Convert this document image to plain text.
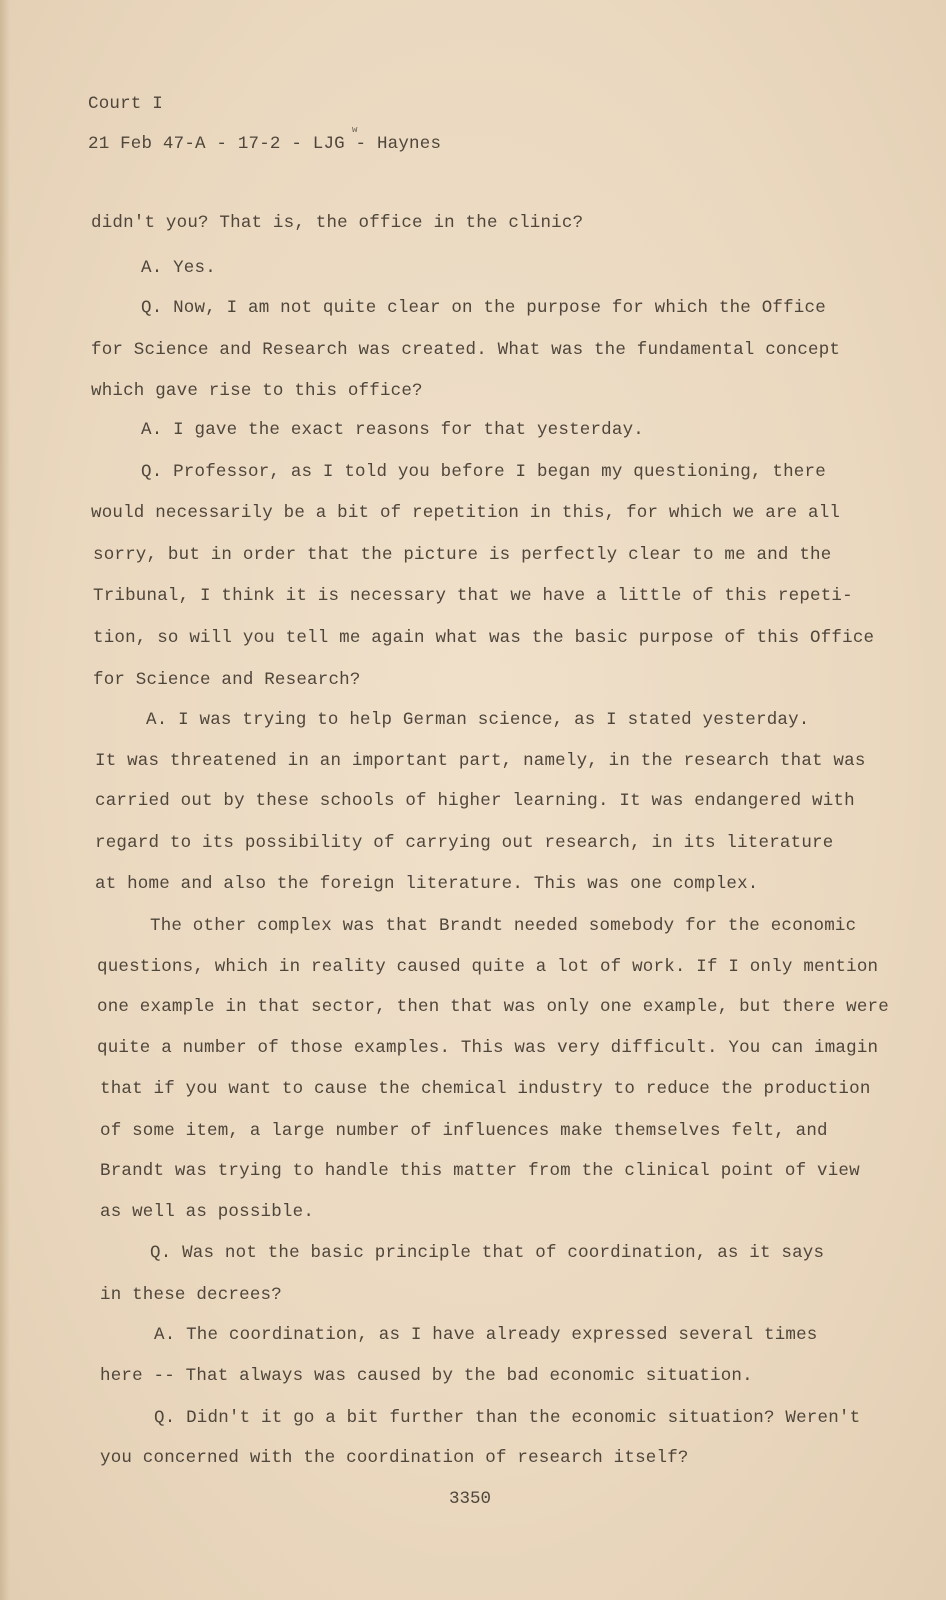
Court I

21 Feb 47-A - 17-2 - LJG - Haynes

w

didn't you? That is, the office in the clinic?

A. Yes.

Q. Now, I am not quite clear on the purpose for which the Office

for Science and Research was created. What was the fundamental concept

which gave rise to this office?

A. I gave the exact reasons for that yesterday.

Q. Professor, as I told you before I began my questioning, there

would necessarily be a bit of repetition in this, for which we are all

sorry, but in order that the picture is perfectly clear to me and the

Tribunal, I think it is necessary that we have a little of this repeti-

tion, so will you tell me again what was the basic purpose of this Office

for Science and Research?

A. I was trying to help German science, as I stated yesterday.

It was threatened in an important part, namely, in the research that was

carried out by these schools of higher learning. It was endangered with

regard to its possibility of carrying out research, in its literature

at home and also the foreign literature. This was one complex.

The other complex was that Brandt needed somebody for the economic

questions, which in reality caused quite a lot of work. If I only mention

one example in that sector, then that was only one example, but there were

quite a number of those examples. This was very difficult. You can imagin

that if you want to cause the chemical industry to reduce the production

of some item, a large number of influences make themselves felt, and

Brandt was trying to handle this matter from the clinical point of view

as well as possible.

Q. Was not the basic principle that of coordination, as it says

in these decrees?

A. The coordination, as I have already expressed several times

here -- That always was caused by the bad economic situation.

Q. Didn't it go a bit further than the economic situation? Weren't

you concerned with the coordination of research itself?

3350
